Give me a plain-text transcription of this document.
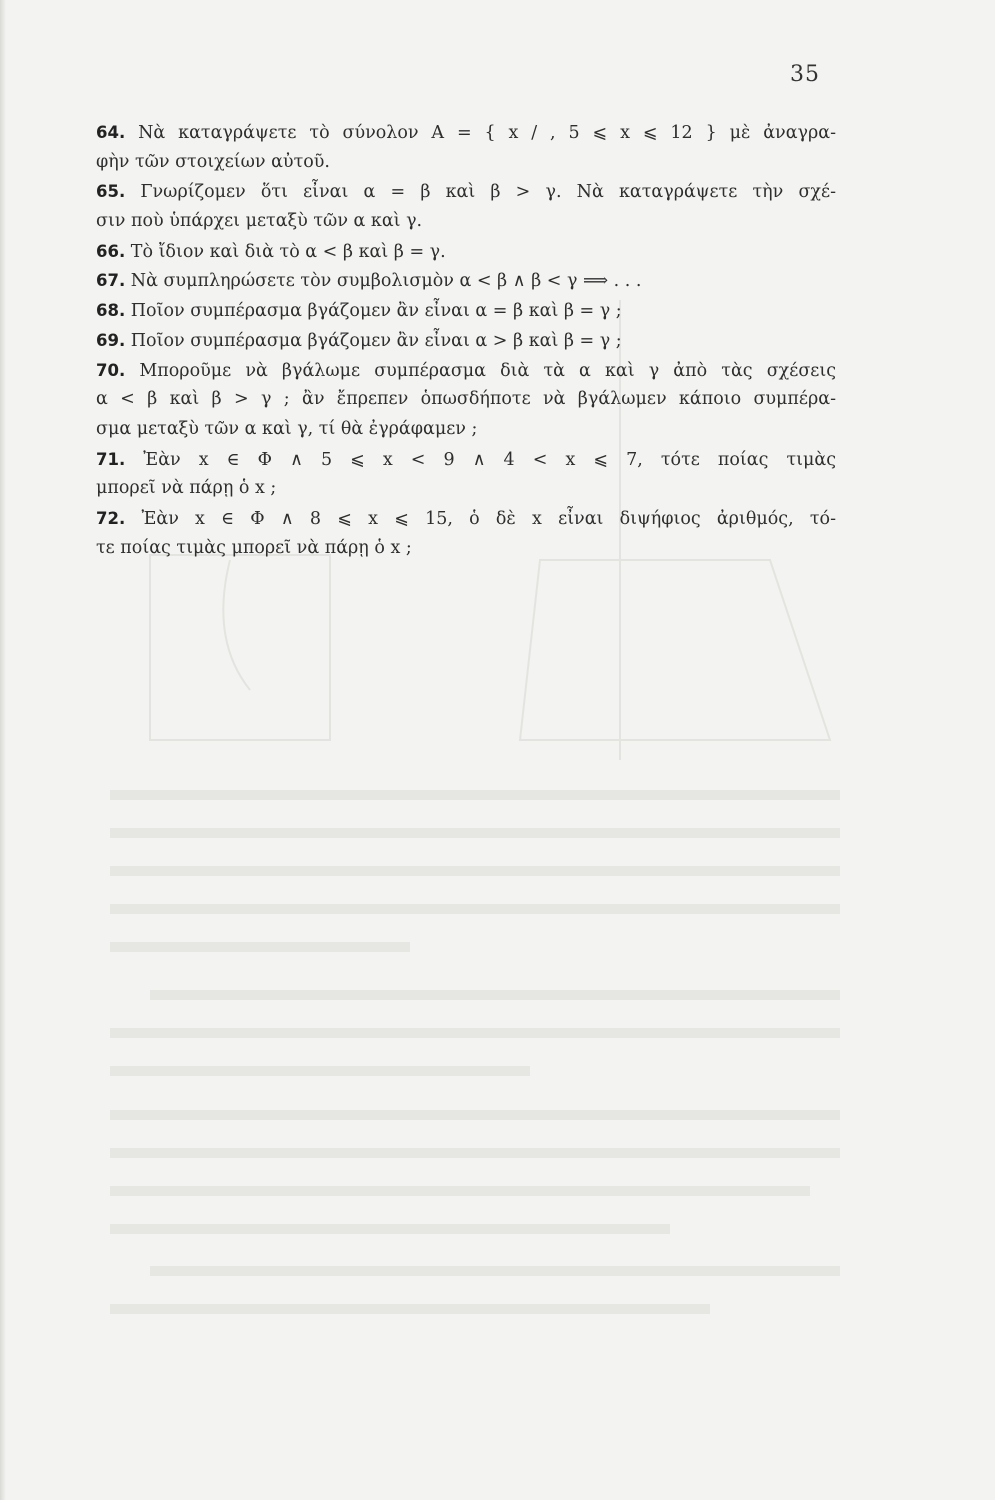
35
64. Νὰ καταγράψετε τὸ σύνολον Α = { x / , 5 ⩽ x ⩽ 12 } μὲ ἀναγρα-
φὴν τῶν στοιχείων αὐτοῦ.
65. Γνωρίζομεν ὅτι εἶναι α = β καὶ β > γ. Νὰ καταγράψετε τὴν σχέ-
σιν ποὺ ὑπάρχει μεταξὺ τῶν α καὶ γ.
66. Τὸ ἴδιον καὶ διὰ τὸ α < β καὶ β = γ.
67. Νὰ συμπληρώσετε τὸν συμβολισμὸν α < β ∧ β < γ ⟹ . . .
68. Ποῖον συμπέρασμα βγάζομεν ἂν εἶναι α = β καὶ β = γ ;
69. Ποῖον συμπέρασμα βγάζομεν ἂν εἶναι α > β καὶ β = γ ;
70. Μποροῦμε νὰ βγάλωμε συμπέρασμα διὰ τὰ α καὶ γ ἀπὸ τὰς σχέσεις
α < β καὶ β > γ ; ἂν ἔπρεπεν ὁπωσδήποτε νὰ βγάλωμεν κάποιο συμπέρα-
σμα μεταξὺ τῶν α καὶ γ, τί θὰ ἐγράφαμεν ;
71. Ἐὰν x ∈ Φ ∧ 5 ⩽ x < 9 ∧ 4 < x ⩽ 7, τότε ποίας τιμὰς
μπορεῖ νὰ πάρῃ ὁ x ;
72. Ἐὰν x ∈ Φ ∧ 8 ⩽ x ⩽ 15, ὁ δὲ x εἶναι διψήφιος ἀριθμός, τό-
τε ποίας τιμὰς μπορεῖ νὰ πάρῃ ὁ x ;
